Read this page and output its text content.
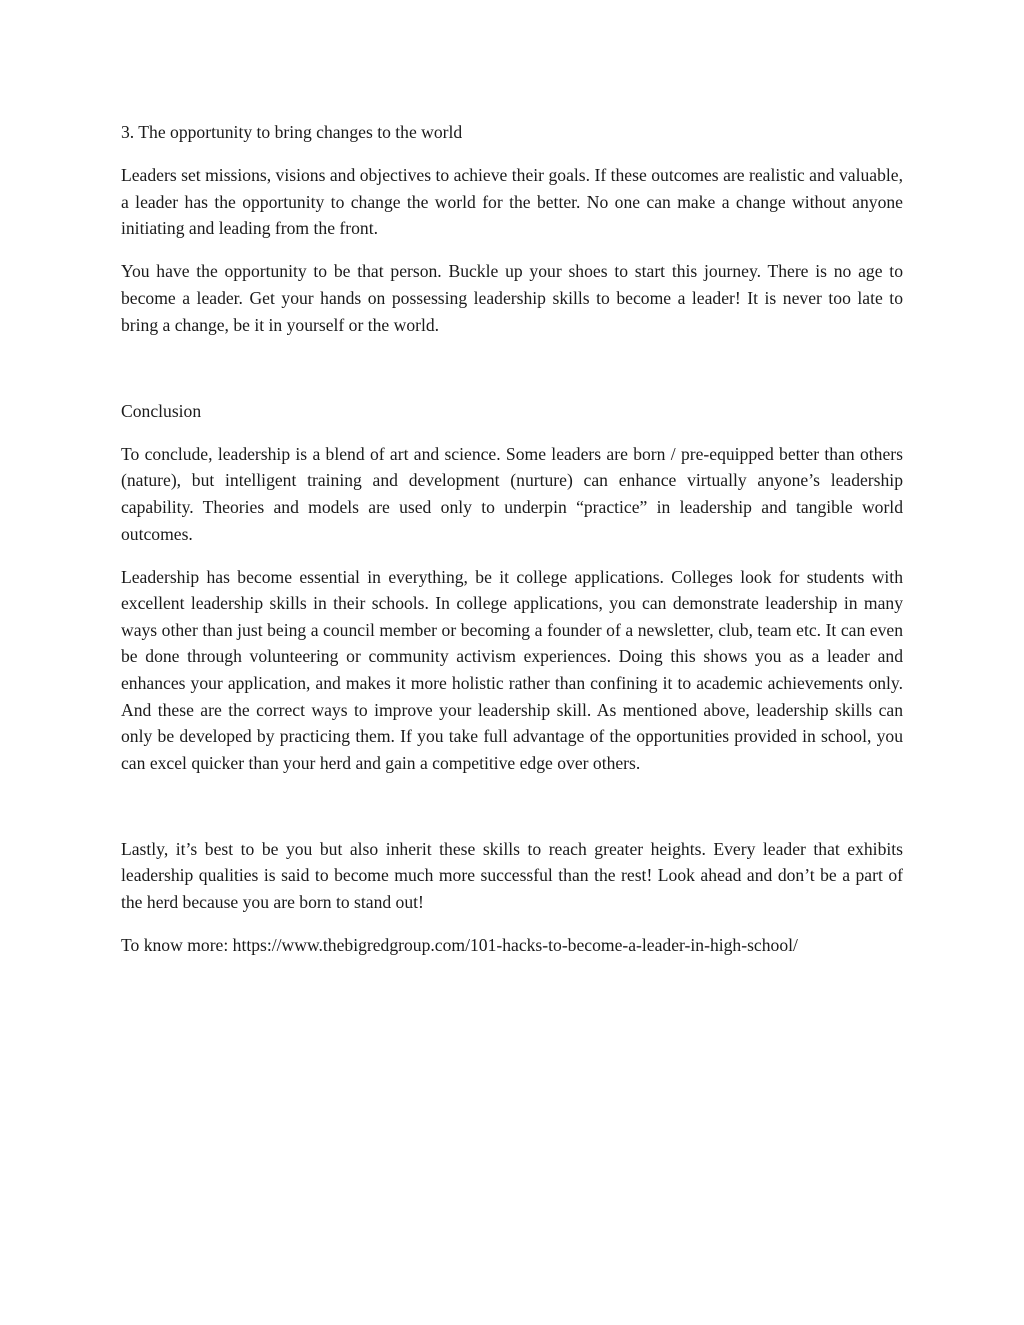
3. The opportunity to bring changes to the world

Leaders set missions, visions and objectives to achieve their goals. If these outcomes are realistic and valuable, a leader has the opportunity to change the world for the better. No one can make a change without anyone initiating and leading from the front.

You have the opportunity to be that person. Buckle up your shoes to start this journey. There is no age to become a leader. Get your hands on possessing leadership skills to become a leader! It is never too late to bring a change, be it in yourself or the world.

Conclusion

To conclude, leadership is a blend of art and science. Some leaders are born / pre-equipped better than others (nature), but intelligent training and development (nurture) can enhance virtually anyone’s leadership capability. Theories and models are used only to underpin “practice” in leadership and tangible world outcomes.

Leadership has become essential in everything, be it college applications. Colleges look for students with excellent leadership skills in their schools. In college applications, you can demonstrate leadership in many ways other than just being a council member or becoming a founder of a newsletter, club, team etc. It can even be done through volunteering or community activism experiences. Doing this shows you as a leader and enhances your application, and makes it more holistic rather than confining it to academic achievements only. And these are the correct ways to improve your leadership skill. As mentioned above, leadership skills can only be developed by practicing them. If you take full advantage of the opportunities provided in school, you can excel quicker than your herd and gain a competitive edge over others.

Lastly, it’s best to be you but also inherit these skills to reach greater heights. Every leader that exhibits leadership qualities is said to become much more successful than the rest! Look ahead and don’t be a part of the herd because you are born to stand out!

To know more: https://www.thebigredgroup.com/101-hacks-to-become-a-leader-in-high-school/
